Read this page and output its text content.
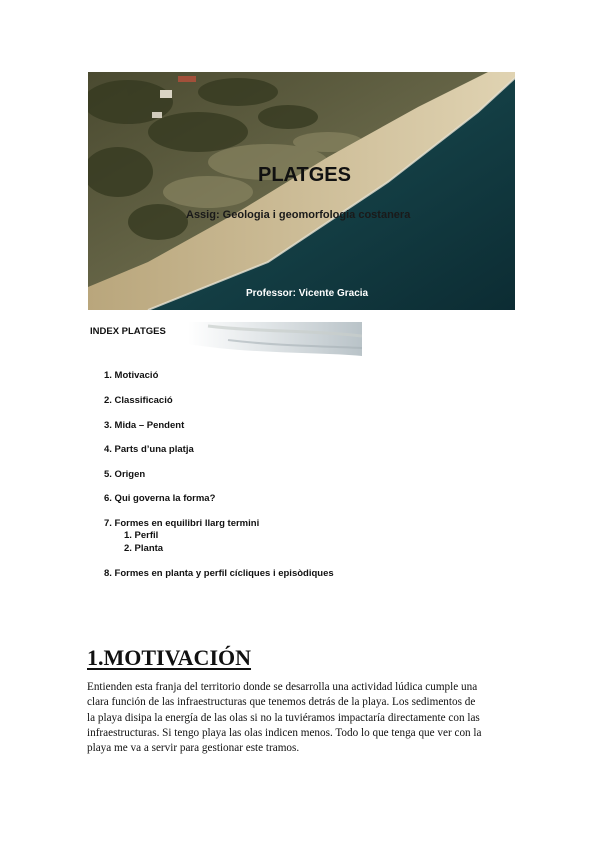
PLATGES
Assig: Geologia i geomorfologia costanera
Professor: Vicente Gracia
INDEX PLATGES
1. Motivació
2. Classificació
3. Mida – Pendent
4. Parts d’una platja
5. Origen
6. Qui governa la forma?
7. Formes en equilibri llarg termini
1. Perfil
2. Planta
8. Formes en planta y perfil cícliques i episòdiques
1.MOTIVACIÓN

Entienden esta franja del territorio donde se desarrolla una actividad lúdica cumple una
clara función de las infraestructuras que tenemos detrás de la playa. Los sedimentos de
la playa disipa la energía de las olas si no la tuviéramos impactaría directamente con las
infraestructuras. Si tengo playa las olas indicen menos. Todo lo que tenga que ver con la
playa me va a servir para gestionar este tramos.
